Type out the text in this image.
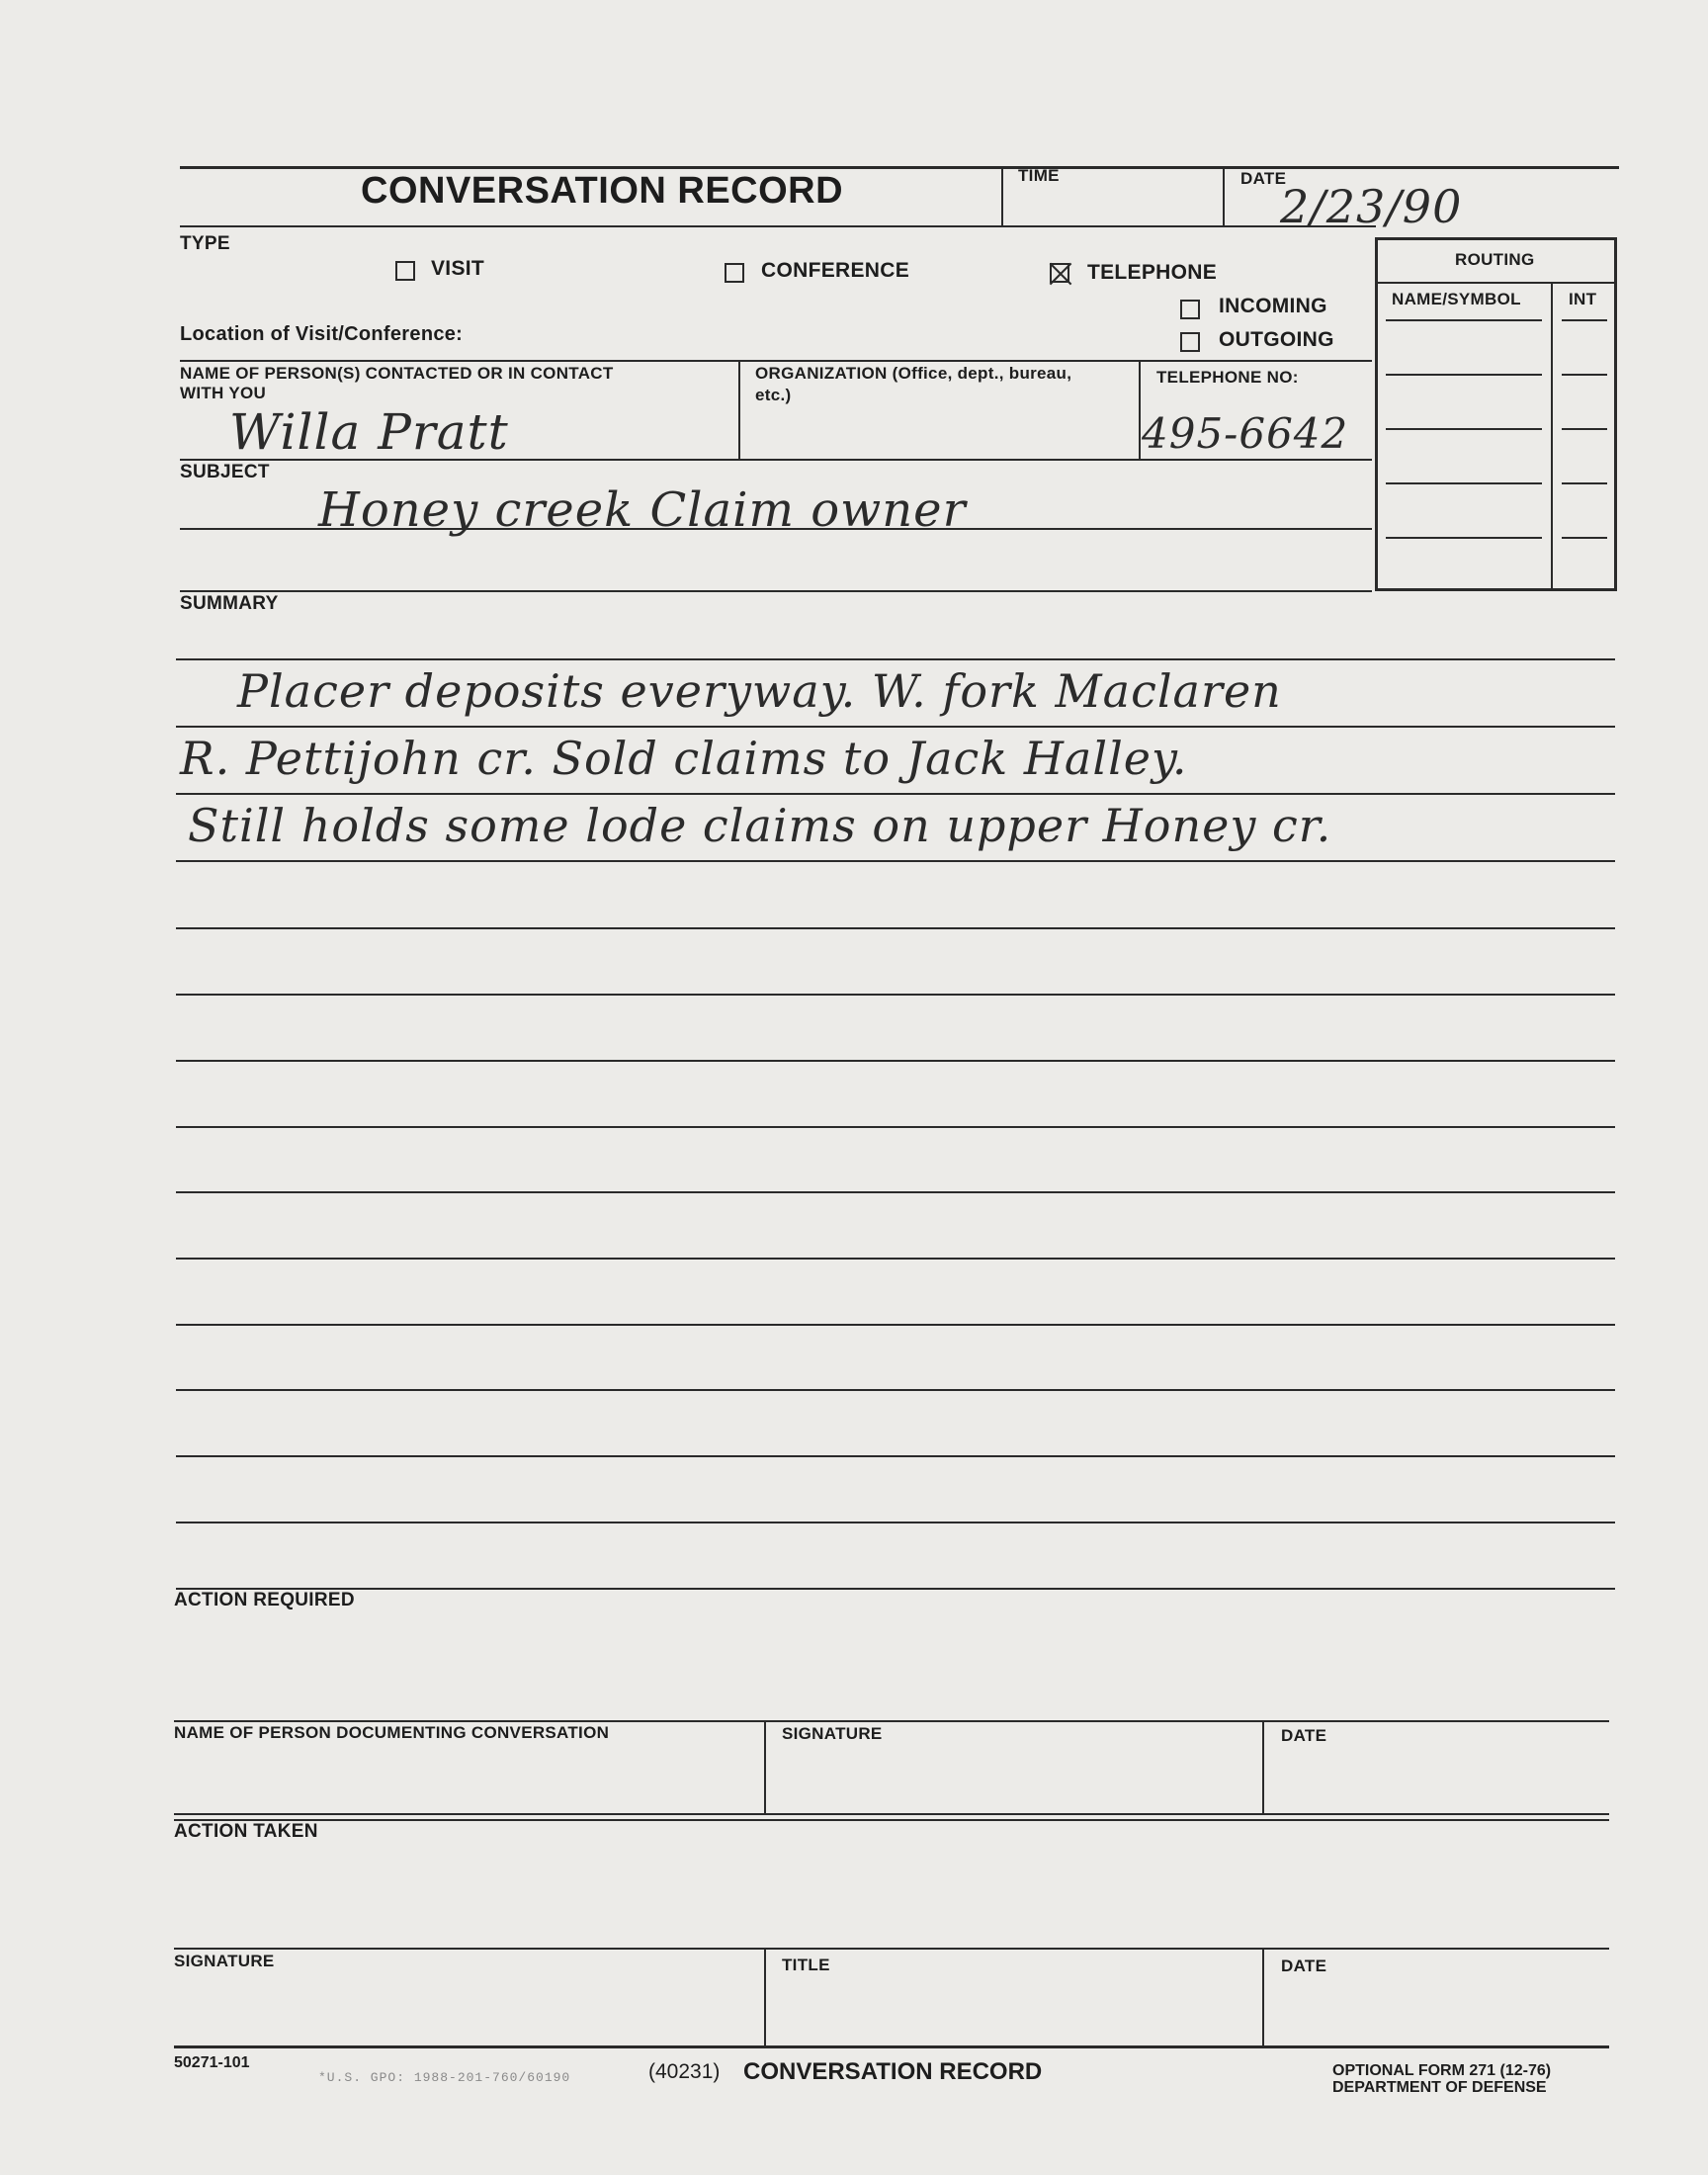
CONVERSATION RECORD	TIME	DATE
2/23/90
TYPE
VISIT	CONFERENCE	TELEPHONE
INCOMING
OUTGOING
Location of Visit/Conference:
NAME OF PERSON(S) CONTACTED OR IN CONTACT
WITH YOU
Willa Pratt
ORGANIZATION (Office, dept., bureau,
etc.)
TELEPHONE NO:
495-6642
SUBJECT
Honey creek Claim owner
ROUTING
NAME/SYMBOL	INT
SUMMARY
Placer deposits everyway. W. fork Maclaren
R. Pettijohn cr. Sold claims to Jack Halley.
Still holds some lode claims on upper Honey cr.
ACTION REQUIRED
NAME OF PERSON DOCUMENTING CONVERSATION	SIGNATURE	DATE
ACTION TAKEN
SIGNATURE	TITLE	DATE
50271-101
*U.S. GPO: 1988-201-760/60190	(40231) CONVERSATION RECORD	OPTIONAL FORM 271 (12-76)
DEPARTMENT OF DEFENSE
